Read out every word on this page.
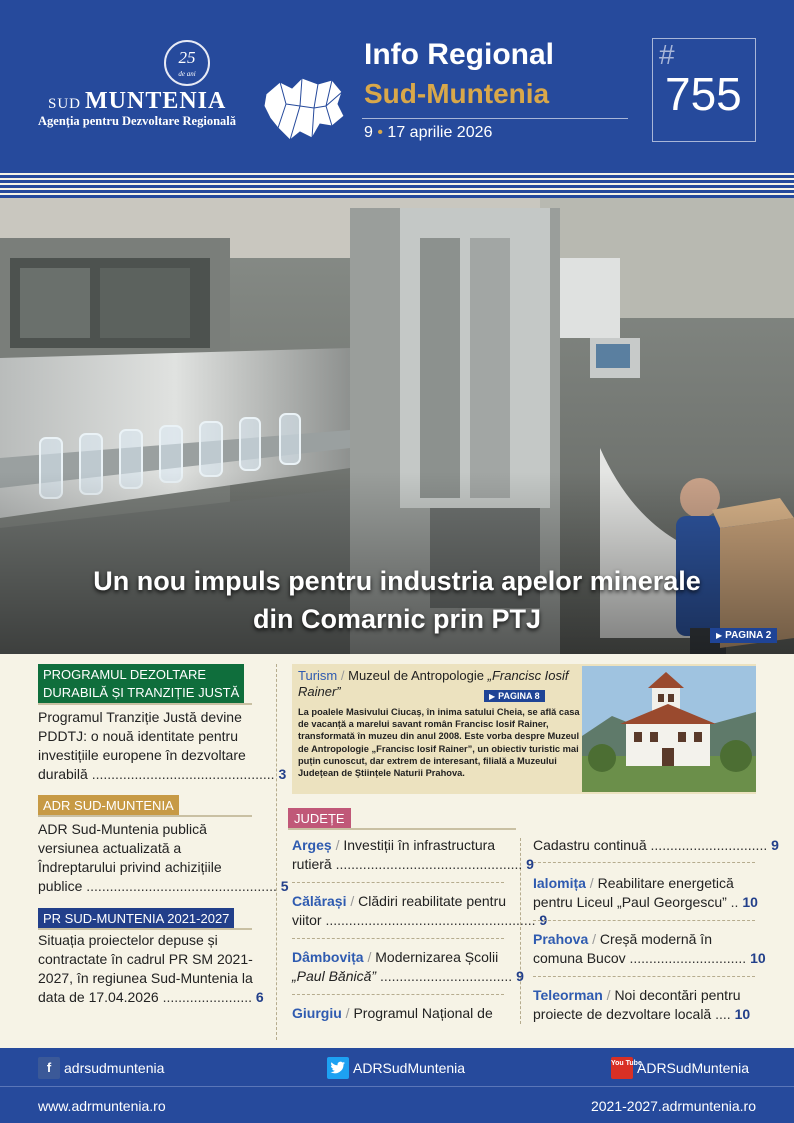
25
de ani
SUD MUNTENIA
Agenția pentru Dezvoltare Regională
Info Regional
Sud-Muntenia
9 • 17 aprilie 2026
#
755
Un nou impuls pentru industria apelor minerale
din Comarnic prin PTJ
▶ PAGINA 2
PROGRAMUL DEZOLTARE
DURABILĂ ȘI TRANZIȚIE JUSTĂ
Programul Tranziție Justă devine
PDDTJ: o nouă identitate pentru
investițiile europene în dezvoltare
durabilă ............................................... 3
ADR SUD-MUNTENIA
ADR Sud-Muntenia publică
versiunea actualizată a
Îndreptarului privind achizițiile
publice ................................................. 5
PR SUD-MUNTENIA 2021-2027
Situația proiectelor depuse și
contractate în cadrul PR SM 2021-
2027, în regiunea Sud-Muntenia la
data de 17.04.2026 ....................... 6
Turism / Muzeul de Antropologie „Francisc Iosif Rainer”	▶ PAGINA 8
La poalele Masivului Ciucaș, în inima satului Cheia, se află casa de vacanță a marelui savant român Francisc Iosif Rainer, transformată în muzeu din anul 2008. Este vorba despre Muzeul de Antropologie „Francisc Iosif Rainer”, un obiectiv turistic mai puțin cunoscut, dar extrem de interesant, filială a Muzeului Județean de Științele Naturii Prahova.
JUDEȚE
Argeș / Investiții în infrastructura
rutieră ................................................ 9
Călărași / Clădiri reabilitate pentru
viitor ...................................................... 9
Dâmbovița / Modernizarea Școlii
„Paul Bănică” .................................. 9
Giurgiu / Programul Național de
Cadastru continuă .............................. 9
Ialomița / Reabilitare energetică
pentru Liceul „Paul Georgescu” .. 10
Prahova / Creșă modernă în
comuna Bucov .............................. 10
Teleorman / Noi decontări pentru
proiecte de dezvoltare locală .... 10
f adrsudmuntenia	ADRSudMuntenia	You Tube
ADRSudMuntenia
www.adrmuntenia.ro	2021-2027.adrmuntenia.ro
